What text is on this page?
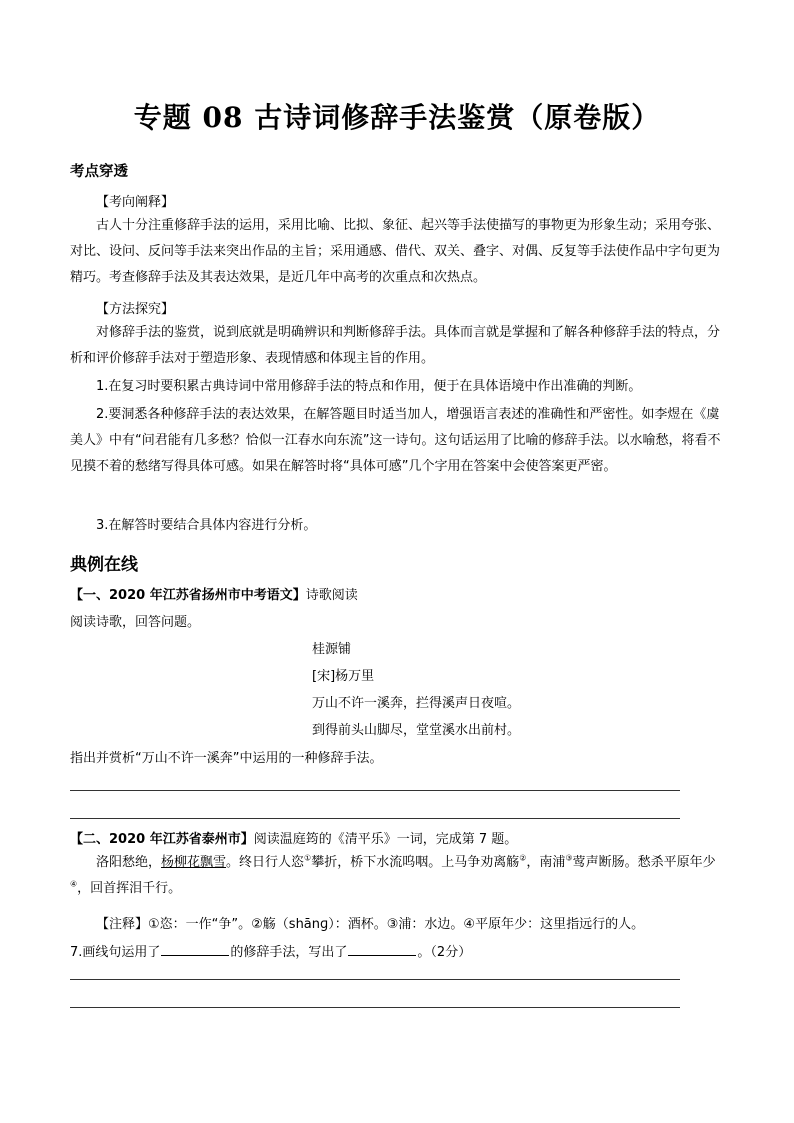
专题 08 古诗词修辞手法鉴赏（原卷版）
考点穿透
【考向阐释】
古人十分注重修辞手法的运用，采用比喻、比拟、象征、起兴等手法使描写的事物更为形象生动；采用夸张、对比、设问、反问等手法来突出作品的主旨；采用通感、借代、双关、叠字、对偶、反复等手法使作品中字句更为精巧。考查修辞手法及其表达效果，是近几年中高考的次重点和次热点。
【方法探究】
对修辞手法的鉴赏，说到底就是明确辨识和判断修辞手法。具体而言就是掌握和了解各种修辞手法的特点，分析和评价修辞手法对于塑造形象、表现情感和体现主旨的作用。
1.在复习时要积累古典诗词中常用修辞手法的特点和作用，便于在具体语境中作出准确的判断。
2.要洞悉各种修辞手法的表达效果，在解答题目时适当加人，增强语言表述的准确性和严密性。如李煜在《虞美人》中有“问君能有几多愁？恰似一江春水向东流”这一诗句。这句话运用了比喻的修辞手法。以水喻愁，将看不见摸不着的愁绪写得具体可感。如果在解答时将“具体可感”几个字用在答案中会使答案更严密。
3.在解答时要结合具体内容进行分析。
典例在线
【一、2020 年江苏省扬州市中考语文】诗歌阅读
阅读诗歌，回答问题。
桂源铺
[宋]杨万里
万山不许一溪奔，拦得溪声日夜喧。
到得前头山脚尽，堂堂溪水出前村。
指出并赏析“万山不许一溪奔”中运用的一种修辞手法。
【二、2020 年江苏省泰州市】阅读温庭筠的《清平乐》一词，完成第 7 题。
洛阳愁绝，杨柳花飘雪。终日行人恣①攀折，桥下水流呜咽。上马争劝离觞②，南浦③莺声断肠。愁杀平原年少④，回首挥泪千行。
【注释】①恣：一作“争”。②觞（shānɡ）：酒杯。③浦：水边。④平原年少：这里指远行的人。
7.画线句运用了	的修辞手法，写出了	。（2分）
